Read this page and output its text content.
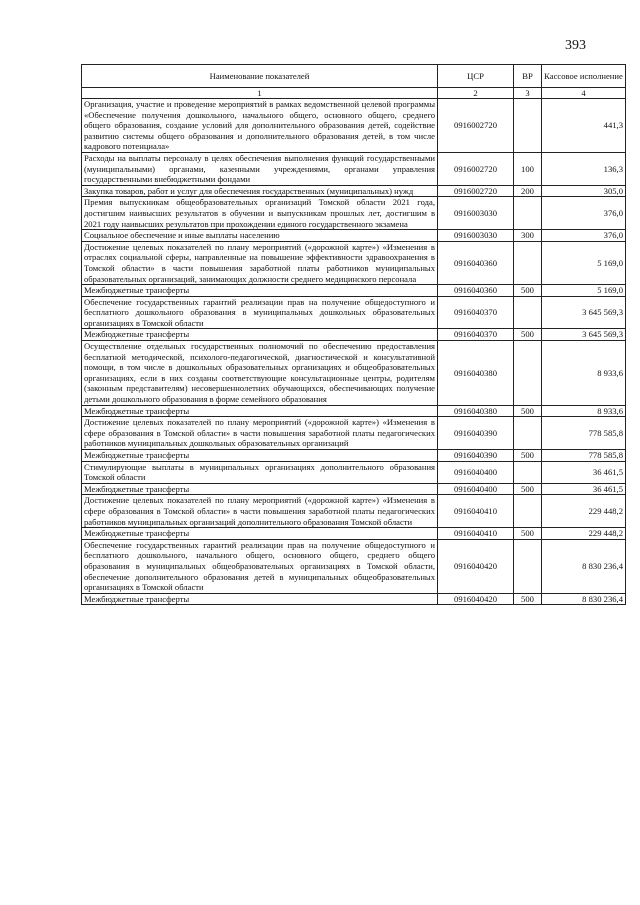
393
Наименование показателей	ЦСР	ВР	Кассовое исполнение
1	2	3	4
Организация, участие и проведение мероприятий в рамках ведомственной целевой программы «Обеспечение получения дошкольного, начального общего, основного общего, среднего общего образования, создание условий для дополнительного образования детей, содействие развитию системы общего образования и дополнительного образования детей, в том числе кадрового потенциала»	0916002720		441,3
Расходы на выплаты персоналу в целях обеспечения выполнения функций государственными (муниципальными) органами, казенными учреждениями, органами управления государственными внебюджетными фондами	0916002720	100	136,3
Закупка товаров, работ и услуг для обеспечения государственных (муниципальных) нужд	0916002720	200	305,0
Премия выпускникам общеобразовательных организаций Томской области 2021 года, достигшим наивысших результатов в обучении и выпускникам прошлых лет, достигшим в 2021 году наивысших результатов при прохождении единого государственного экзамена	0916003030		376,0
Социальное обеспечение и иные выплаты населению	0916003030	300	376,0
Достижение целевых показателей по плану мероприятий («дорожной карте») «Изменения в отраслях социальной сферы, направленные на повышение эффективности здравоохранения в Томской области» в части повышения заработной платы работников муниципальных образовательных организаций, занимающих должности среднего медицинского персонала	0916040360		5 169,0
Межбюджетные трансферты	0916040360	500	5 169,0
Обеспечение государственных гарантий реализации прав на получение общедоступного и бесплатного дошкольного образования в муниципальных дошкольных образовательных организациях в Томской области	0916040370		3 645 569,3
Межбюджетные трансферты	0916040370	500	3 645 569,3
Осуществление отдельных государственных полномочий по обеспечению предоставления бесплатной методической, психолого-педагогической, диагностической и консультативной помощи, в том числе в дошкольных образовательных организациях и общеобразовательных организациях, если в них созданы соответствующие консультационные центры, родителям (законным представителям) несовершеннолетних обучающихся, обеспечивающих получение детьми дошкольного образования в форме семейного образования	0916040380		8 933,6
Межбюджетные трансферты	0916040380	500	8 933,6
Достижение целевых показателей по плану мероприятий («дорожной карте») «Изменения в сфере образования в Томской области» в части повышения заработной платы педагогических работников муниципальных дошкольных образовательных организаций	0916040390		778 585,8
Межбюджетные трансферты	0916040390	500	778 585,8
Стимулирующие выплаты в муниципальных организациях дополнительного образования Томской области	0916040400		36 461,5
Межбюджетные трансферты	0916040400	500	36 461,5
Достижение целевых показателей по плану мероприятий («дорожной карте») «Изменения в сфере образования в Томской области» в части повышения заработной платы педагогических работников муниципальных организаций дополнительного образования Томской области	0916040410		229 448,2
Межбюджетные трансферты	0916040410	500	229 448,2
Обеспечение государственных гарантий реализации прав на получение общедоступного и бесплатного дошкольного, начального общего, основного общего, среднего общего образования в муниципальных общеобразовательных организациях в Томской области, обеспечение дополнительного образования детей в муниципальных общеобразовательных организациях в Томской области	0916040420		8 830 236,4
Межбюджетные трансферты	0916040420	500	8 830 236,4
